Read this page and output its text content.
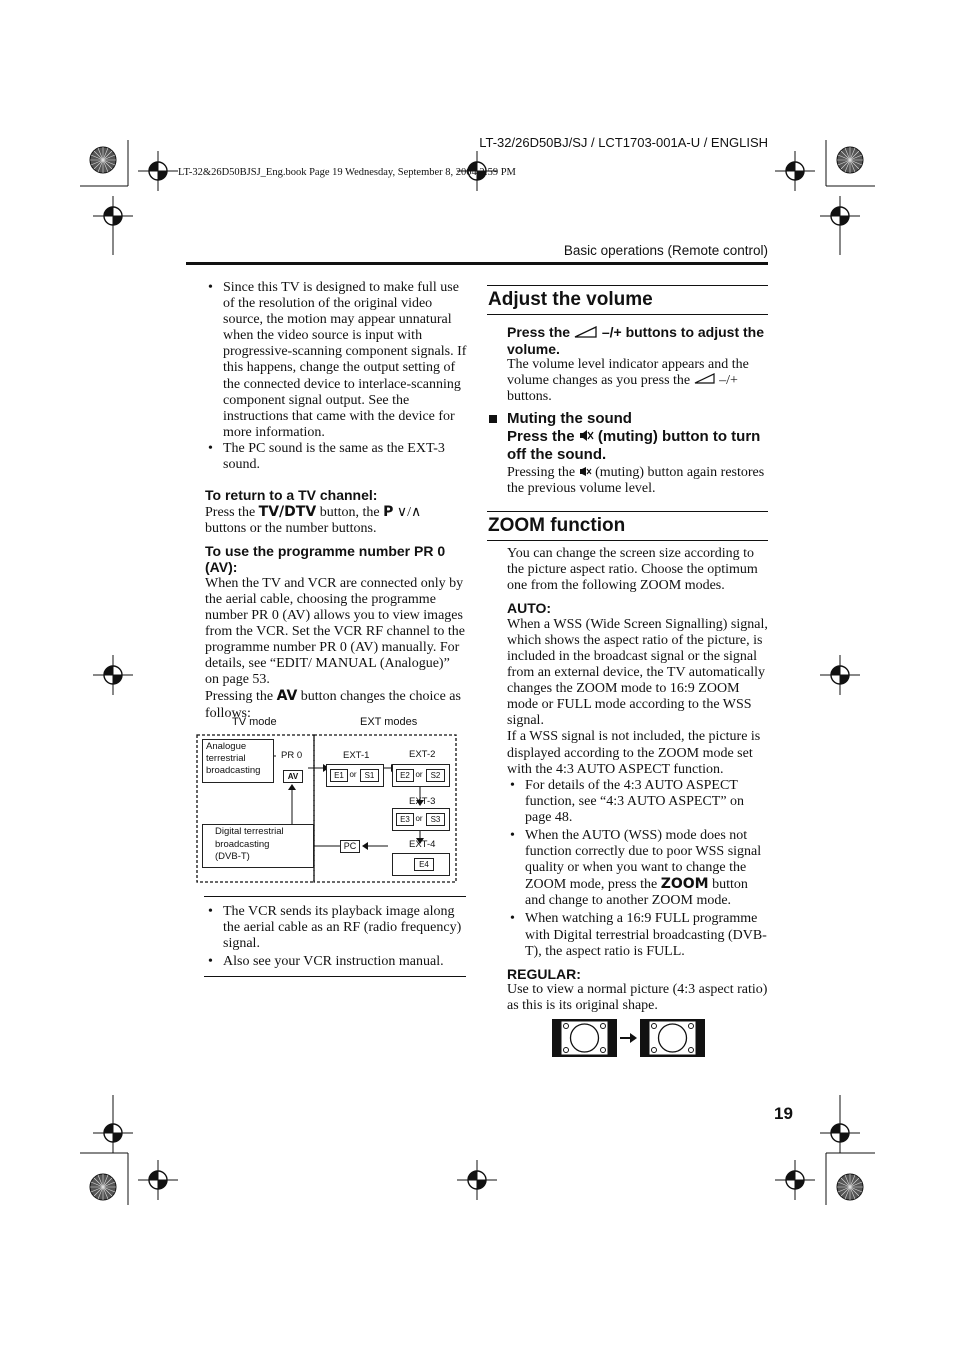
LT-32/26D50BJ/SJ / LCT1703-001A-U / ENGLISH
LT-32&26D50BJSJ_Eng.book Page 19 Wednesday, September 8, 2004 2:59 PM
Basic operations (Remote control)
• Since this TV is designed to make full use of the resolution of the original video source, the motion may appear unnatural when the video source is input with progressive-scanning component signals. If this happens, change the output setting of the connected device to interlace-scanning component signal output. See the instructions that came with the device for more information.
• The PC sound is the same as the EXT-3 sound.
To return to a TV channel:
Press the TV/DTV button, the P ∨/∧
buttons or the number buttons.
To use the programme number PR 0 (AV):
When the TV and VCR are connected only by the aerial cable, choosing the programme number PR 0 (AV) allows you to view images from the VCR. Set the VCR RF channel to the programme number PR 0 (AV) manually. For details, see “EDIT/ MANUAL (Analogue)” on page 53.
Pressing the AV button changes the choice as follows:
TV mode	EXT modes
Analogue
terrestrial
broadcasting
Digital terrestrial
broadcasting
(DVB-T)
PR 0
AV
EXT-1	EXT-2
EXT-3
EXT-4
E1 or	S1	E2 or	S2
E3 or	S3
E4
PC
• The VCR sends its playback image along the aerial cable as an RF (radio frequency) signal.
• Also see your VCR instruction manual.
Adjust the volume
Press the  –/+ buttons to adjust the volume.
The volume level indicator appears and the volume changes as you press the  –/+ buttons.
Muting the sound
Press the  (muting) button to turn off the sound.
Pressing the  (muting) button again restores the previous volume level.
ZOOM function
You can change the screen size according to the picture aspect ratio. Choose the optimum one from the following ZOOM modes.
AUTO:
When a WSS (Wide Screen Signalling) signal, which shows the aspect ratio of the picture, is included in the broadcast signal or the signal from an external device, the TV automatically changes the ZOOM mode to 16:9 ZOOM mode or FULL mode according to the WSS signal.
If a WSS signal is not included, the picture is displayed according to the ZOOM mode set with the 4:3 AUTO ASPECT function.
• For details of the 4:3 AUTO ASPECT function, see “4:3 AUTO ASPECT” on page 48.
• When the AUTO (WSS) mode does not function correctly due to poor WSS signal quality or when you want to change the ZOOM mode, press the ZOOM button and change to another ZOOM mode.
• When watching a 16:9 FULL programme with Digital terrestrial broadcasting (DVB-T), the aspect ratio is FULL.
REGULAR:
Use to view a normal picture (4:3 aspect ratio) as this is its original shape.
19
